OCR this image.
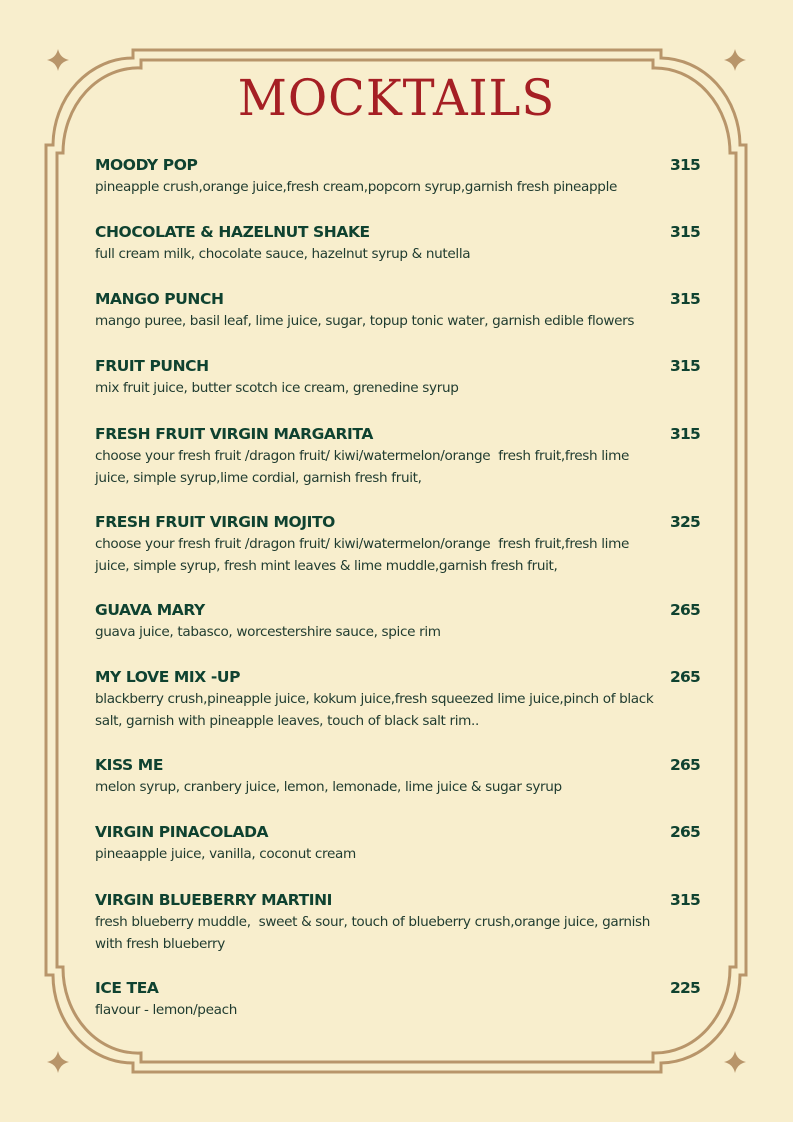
MOCKTAILS
MOODY POP	315
pineapple crush,orange juice,fresh cream,popcorn syrup,garnish fresh pineapple
CHOCOLATE & HAZELNUT SHAKE	315
full cream milk, chocolate sauce, hazelnut syrup & nutella
MANGO PUNCH	315
mango puree, basil leaf, lime juice, sugar, topup tonic water, garnish edible flowers
FRUIT PUNCH	315
mix fruit juice, butter scotch ice cream, grenedine syrup
FRESH FRUIT VIRGIN MARGARITA	315
choose your fresh fruit /dragon fruit/ kiwi/watermelon/orange  fresh fruit,fresh lime
juice, simple syrup,lime cordial, garnish fresh fruit,
FRESH FRUIT VIRGIN MOJITO	325
choose your fresh fruit /dragon fruit/ kiwi/watermelon/orange  fresh fruit,fresh lime
juice, simple syrup, fresh mint leaves & lime muddle,garnish fresh fruit,
GUAVA MARY	265
guava juice, tabasco, worcestershire sauce, spice rim
MY LOVE MIX -UP	265
blackberry crush,pineapple juice, kokum juice,fresh squeezed lime juice,pinch of black
salt, garnish with pineapple leaves, touch of black salt rim..
KISS ME	265
melon syrup, cranbery juice, lemon, lemonade, lime juice & sugar syrup
VIRGIN PINACOLADA	265
pineaapple juice, vanilla, coconut cream
VIRGIN BLUEBERRY MARTINI	315
fresh blueberry muddle,  sweet & sour, touch of blueberry crush,orange juice, garnish
with fresh blueberry
ICE TEA	225
flavour - lemon/peach
